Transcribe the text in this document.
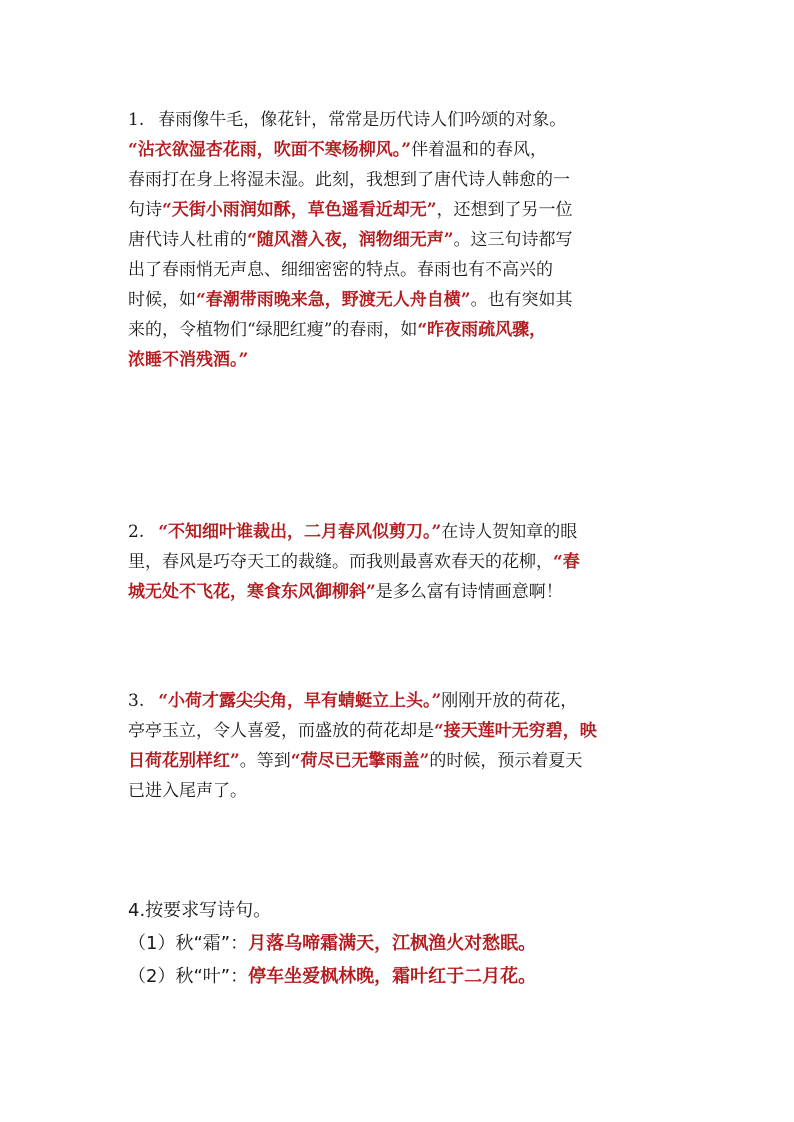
1. 春雨像牛毛，像花针，常常是历代诗人们吟颂的对象。
“沾衣欲湿杏花雨，吹面不寒杨柳风。”伴着温和的春风，
春雨打在身上将湿未湿。此刻，我想到了唐代诗人韩愈的一
句诗“天街小雨润如酥，草色遥看近却无”，还想到了另一位
唐代诗人杜甫的“随风潜入夜，润物细无声”。这三句诗都写
出了春雨悄无声息、细细密密的特点。春雨也有不高兴的
时候，如“春潮带雨晚来急，野渡无人舟自横”。也有突如其
来的，令植物们“绿肥红瘦”的春雨，如“昨夜雨疏风骤，
浓睡不消残酒。”
2. “不知细叶谁裁出，二月春风似剪刀。”在诗人贺知章的眼
里，春风是巧夺天工的裁缝。而我则最喜欢春天的花柳，“春
城无处不飞花，寒食东风御柳斜”是多么富有诗情画意啊！
3. “小荷才露尖尖角，早有蜻蜓立上头。”刚刚开放的荷花，
亭亭玉立，令人喜爱，而盛放的荷花却是“接天莲叶无穷碧，映
日荷花别样红”。等到“荷尽已无擎雨盖”的时候，预示着夏天
已进入尾声了。
4.按要求写诗句。
（1）秋“霜”：月落乌啼霜满天，江枫渔火对愁眠。
（2）秋“叶”：停车坐爱枫林晚，霜叶红于二月花。
